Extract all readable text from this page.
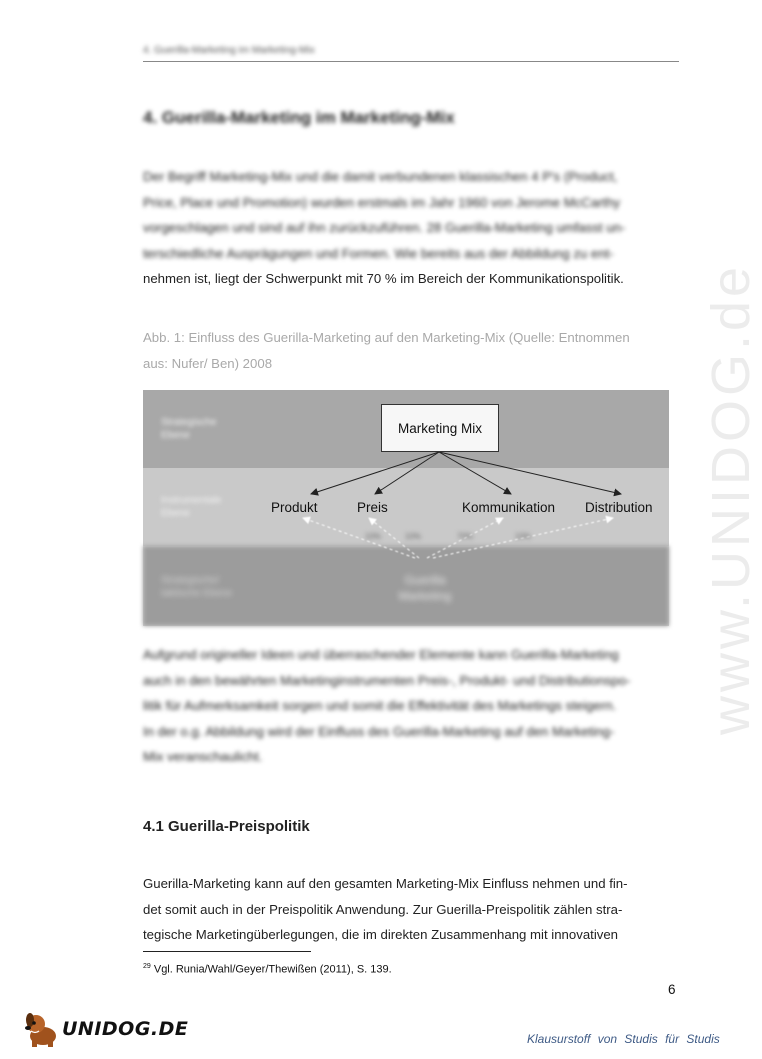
www.UNIDOG.de
4. Guerilla-Marketing im Marketing-Mix
4. Guerilla-Marketing im Marketing-Mix
Der Begriff Marketing-Mix und die damit verbundenen klassischen 4 P's (Product,
Price, Place und Promotion) wurden erstmals im Jahr 1960 von Jerome McCarthy
vorgeschlagen und sind auf ihn zurückzuführen. 28 Guerilla-Marketing umfasst un-
terschiedliche Ausprägungen und Formen. Wie bereits aus der Abbildung zu ent-
nehmen ist, liegt der Schwerpunkt mit 70 % im Bereich der Kommunikationspolitik.
Abb. 1: Einfluss des Guerilla-Marketing auf den Marketing-Mix (Quelle: Entnommen
aus: Nufer/ Ben) 2008
Strategische
Ebene
Instrumentale
Ebene
Strategische/
taktische Ebene
Marketing Mix
Produkt	Preis	Kommunikation Distribution
10%	10%	70%	10%
Guerilla
Marketing
Aufgrund origineller Ideen und überraschender Elemente kann Guerilla-Marketing
auch in den bewährten Marketinginstrumenten Preis-, Produkt- und Distributionspo-
litik für Aufmerksamkeit sorgen und somit die Effektivität des Marketings steigern.
In der o.g. Abbildung wird der Einfluss des Guerilla-Marketing auf den Marketing-
Mix veranschaulicht.
4.1 Guerilla-Preispolitik
Guerilla-Marketing kann auf den gesamten Marketing-Mix Einfluss nehmen und fin-
det somit auch in der Preispolitik Anwendung. Zur Guerilla-Preispolitik zählen stra-
tegische Marketingüberlegungen, die im direkten Zusammenhang mit innovativen
$^{29}$ Vgl. Runia/Wahl/Geyer/Thewißen (2011), S. 139.
6
UNIDOG.DE	Klausurstoff von Studis für Studis
